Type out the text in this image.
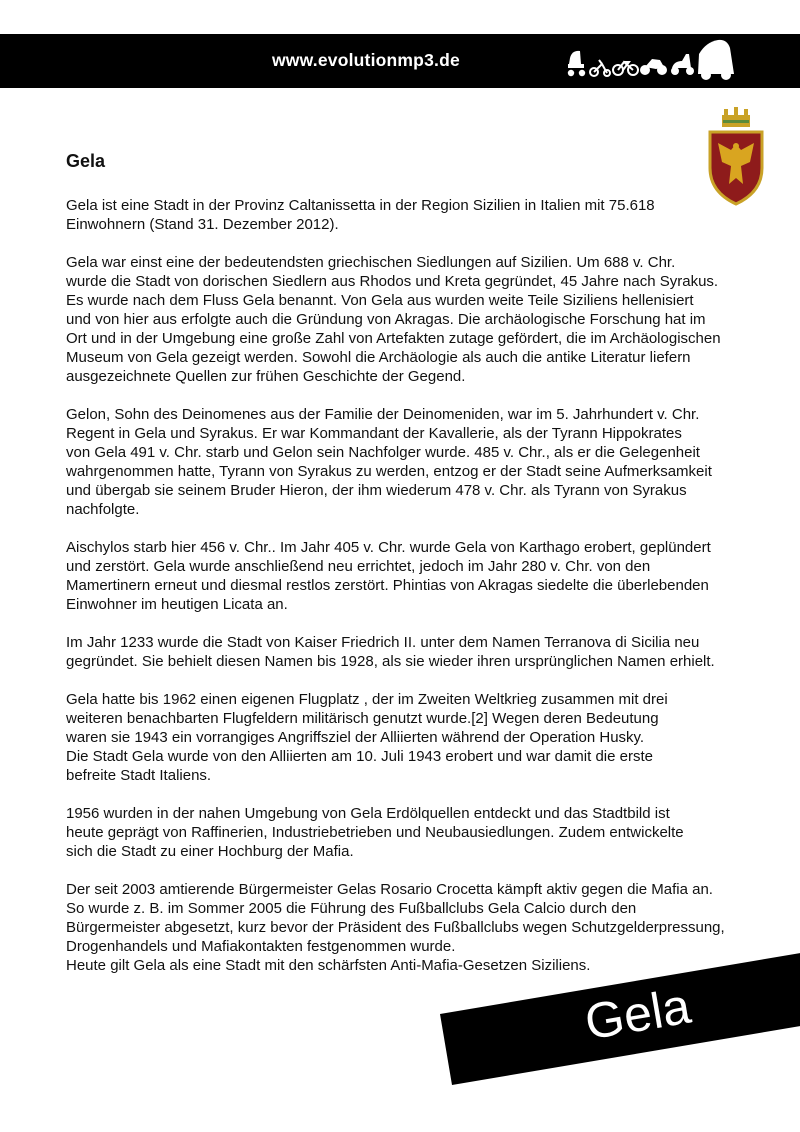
www.evolutionmp3.de
Gela
Gela ist eine Stadt in der Provinz Caltanissetta in der Region Sizilien in Italien mit 75.618
Einwohnern (Stand 31. Dezember 2012).
Gela war einst eine der bedeutendsten griechischen Siedlungen auf Sizilien. Um 688 v. Chr.
wurde die Stadt von dorischen Siedlern aus Rhodos und Kreta gegründet, 45 Jahre nach Syrakus.
Es wurde nach dem Fluss Gela benannt. Von Gela aus wurden weite Teile Siziliens hellenisiert
und von hier aus erfolgte auch die Gründung von Akragas. Die archäologische Forschung hat im
Ort und in der Umgebung eine große Zahl von Artefakten zutage gefördert, die im Archäologischen
Museum von Gela gezeigt werden. Sowohl die Archäologie als auch die antike Literatur liefern
ausgezeichnete Quellen zur frühen Geschichte der Gegend.
Gelon, Sohn des Deinomenes aus der Familie der Deinomeniden, war im 5. Jahrhundert v. Chr.
Regent in Gela und Syrakus. Er war Kommandant der Kavallerie, als der Tyrann Hippokrates
von Gela 491 v. Chr. starb und Gelon sein Nachfolger wurde. 485 v. Chr., als er die Gelegenheit
wahrgenommen hatte, Tyrann von Syrakus zu werden, entzog er der Stadt seine Aufmerksamkeit
und übergab sie seinem Bruder Hieron, der ihm wiederum 478 v. Chr. als Tyrann von Syrakus
nachfolgte.
Aischylos starb hier 456 v. Chr.. Im Jahr 405 v. Chr. wurde Gela von Karthago erobert, geplündert
und zerstört. Gela wurde anschließend neu errichtet, jedoch im Jahr 280 v. Chr. von den
Mamertinern erneut und diesmal restlos zerstört. Phintias von Akragas siedelte die überlebenden
Einwohner im heutigen Licata an.
Im Jahr 1233 wurde die Stadt von Kaiser Friedrich II. unter dem Namen Terranova di Sicilia neu
gegründet. Sie behielt diesen Namen bis 1928, als sie wieder ihren ursprünglichen Namen erhielt.
Gela hatte bis 1962 einen eigenen Flugplatz , der im Zweiten Weltkrieg zusammen mit drei
weiteren benachbarten Flugfeldern militärisch genutzt wurde.[2] Wegen deren Bedeutung
waren sie 1943 ein vorrangiges Angriffsziel der Alliierten während der Operation Husky.
Die Stadt Gela wurde von den Alliierten am 10. Juli 1943 erobert und war damit die erste
befreite Stadt Italiens.
1956 wurden in der nahen Umgebung von Gela Erdölquellen entdeckt und das Stadtbild ist
heute geprägt von Raffinerien, Industriebetrieben und Neubausiedlungen. Zudem entwickelte
sich die Stadt zu einer Hochburg der Mafia.
Der seit 2003 amtierende Bürgermeister Gelas Rosario Crocetta kämpft aktiv gegen die Mafia an.
So wurde z. B. im Sommer 2005 die Führung des Fußballclubs Gela Calcio durch den
Bürgermeister abgesetzt, kurz bevor der Präsident des Fußballclubs wegen Schutzgelderpressung,
Drogenhandels und Mafiakontakten festgenommen wurde.
Heute gilt Gela als eine Stadt mit den schärfsten Anti-Mafia-Gesetzen Siziliens.
Gela
